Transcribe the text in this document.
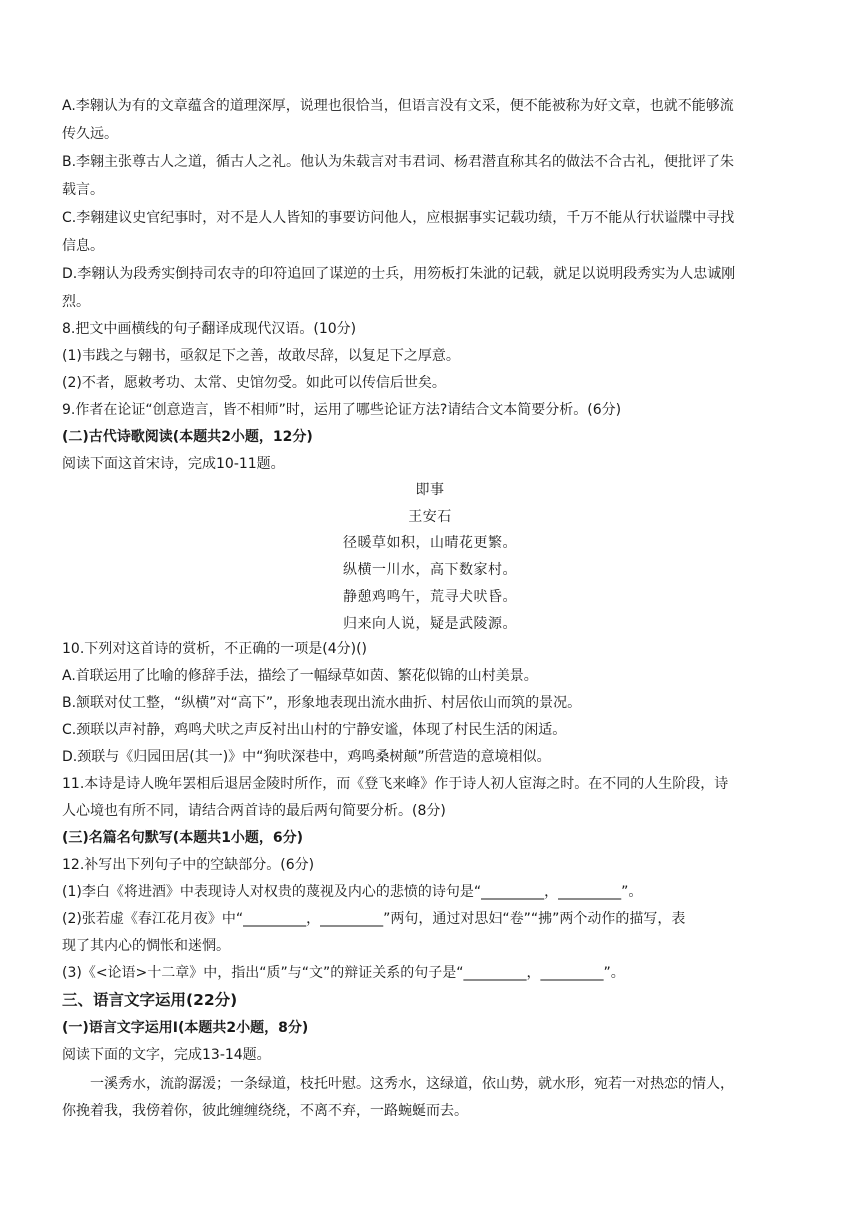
A.李翱认为有的文章蕴含的道理深厚，说理也很恰当，但语言没有文采，便不能被称为好文章，也就不能够流
传久远。
B.李翱主张尊古人之道，循古人之礼。他认为朱载言对韦君词、杨君潜直称其名的做法不合古礼，便批评了朱
载言。
C.李翱建议史官纪事时，对不是人人皆知的事要访问他人，应根据事实记载功绩，千万不能从行状谥牒中寻找
信息。
D.李翱认为段秀实倒持司农寺的印符追回了谋逆的士兵，用笏板打朱泚的记载，就足以说明段秀实为人忠诚刚
烈。
8.把文中画横线的句子翻译成现代汉语。(10分)
(1)韦践之与翱书，亟叙足下之善，故敢尽辞，以复足下之厚意。
(2)不者，愿敕考功、太常、史馆勿受。如此可以传信后世矣。
9.作者在论证“创意造言，皆不相师”时，运用了哪些论证方法?请结合文本简要分析。(6分)
(二)古代诗歌阅读(本题共2小题，12分)
阅读下面这首宋诗，完成10-11题。
即事
王安石
径暖草如积，山晴花更繁。
纵横一川水，高下数家村。
静憩鸡鸣午，荒寻犬吠昏。
归来向人说，疑是武陵源。
10.下列对这首诗的赏析，不正确的一项是(4分)()
A.首联运用了比喻的修辞手法，描绘了一幅绿草如茵、繁花似锦的山村美景。
B.颔联对仗工整，“纵横”对“高下”，形象地表现出流水曲折、村居依山而筑的景况。
C.颈联以声衬静，鸡鸣犬吠之声反衬出山村的宁静安谧，体现了村民生活的闲适。
D.颈联与《归园田居(其一)》中“狗吠深巷中，鸡鸣桑树颠”所营造的意境相似。
11.本诗是诗人晚年罢相后退居金陵时所作，而《登飞来峰》作于诗人初人宦海之时。在不同的人生阶段，诗
人心境也有所不同，请结合两首诗的最后两句简要分析。(8分)
(三)名篇名句默写(本题共1小题，6分)
12.补写出下列句子中的空缺部分。(6分)
(1)李白《将进酒》中表现诗人对权贵的蔑视及内心的悲愤的诗句是“_________，_________”。
(2)张若虚《春江花月夜》中“_________，_________”两句，通过对思妇“卷”“拂”两个动作的描写，表
现了其内心的惆怅和迷惘。
(3)《<论语>十二章》中，指出“质”与“文”的辩证关系的句子是“_________，_________”。
三、语言文字运用(22分)
(一)语言文字运用Ⅰ(本题共2小题，8分)
阅读下面的文字，完成13-14题。
　　一溪秀水，流韵潺湲；一条绿道，枝托叶慰。这秀水，这绿道，依山势，就水形，宛若一对热恋的情人，
你挽着我，我傍着你，彼此缠缠绕绕，不离不弃，一路蜿蜒而去。
